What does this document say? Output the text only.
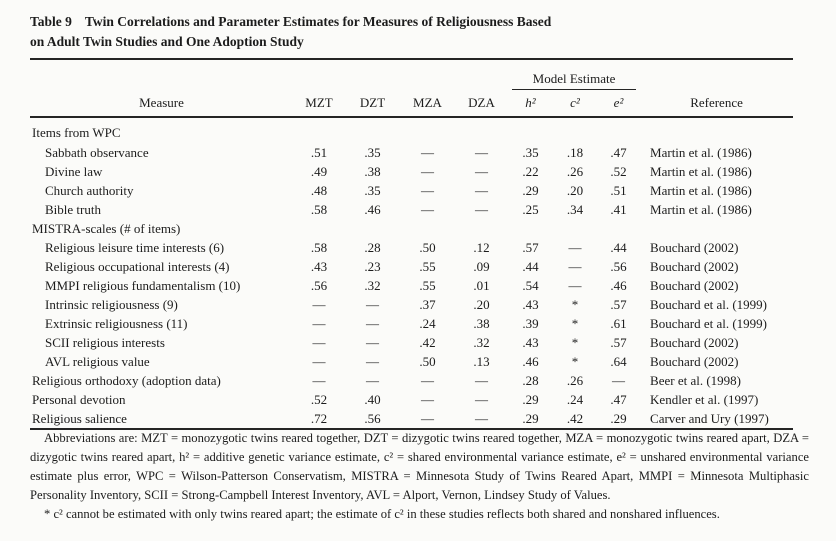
Table 9 Twin Correlations and Parameter Estimates for Measures of Religiousness Based
on Adult Twin Studies and One Adoption Study

					Model Estimate			

Measure	MZT	DZT	MZA	DZA	h²	c²	e²	Reference
Items from WPC								
Sabbath observance	.51	.35	—	—	.35	.18	.47	Martin et al. (1986)
Divine law	.49	.38	—	—	.22	.26	.52	Martin et al. (1986)
Church authority	.48	.35	—	—	.29	.20	.51	Martin et al. (1986)
Bible truth	.58	.46	—	—	.25	.34	.41	Martin et al. (1986)
MISTRA-scales (# of items)								
Religious leisure time interests (6)	.58	.28	.50	.12	.57	—	.44	Bouchard (2002)
Religious occupational interests (4)	.43	.23	.55	.09	.44	—	.56	Bouchard (2002)
MMPI religious fundamentalism (10)	.56	.32	.55	.01	.54	—	.46	Bouchard (2002)
Intrinsic religiousness (9)	—	—	.37	.20	.43	*	.57	Bouchard et al. (1999)
Extrinsic religiousness (11)	—	—	.24	.38	.39	*	.61	Bouchard et al. (1999)
SCII religious interests	—	—	.42	.32	.43	*	.57	Bouchard (2002)
AVL religious value	—	—	.50	.13	.46	*	.64	Bouchard (2002)
Religious orthodoxy (adoption data)	—	—	—	—	.28	.26	—	Beer et al. (1998)
Personal devotion	.52	.40	—	—	.29	.24	.47	Kendler et al. (1997)
Religious salience	.72	.56	—	—	.29	.42	.29	Carver and Ury (1997)

Abbreviations are: MZT = monozygotic twins reared together, DZT = dizygotic twins reared together, MZA = monozygotic twins reared apart, DZA = dizygotic twins reared apart, h² = additive genetic variance estimate, c² = shared environmental variance estimate, e² = unshared environmental variance estimate plus error, WPC = Wilson-Patterson Conservatism, MISTRA = Minnesota Study of Twins Reared Apart, MMPI = Minnesota Multiphasic Personality Inventory, SCII = Strong-Campbell Interest Inventory, AVL = Alport, Vernon, Lindsey Study of Values.

* c² cannot be estimated with only twins reared apart; the estimate of c² in these studies reflects both shared and nonshared influences.
